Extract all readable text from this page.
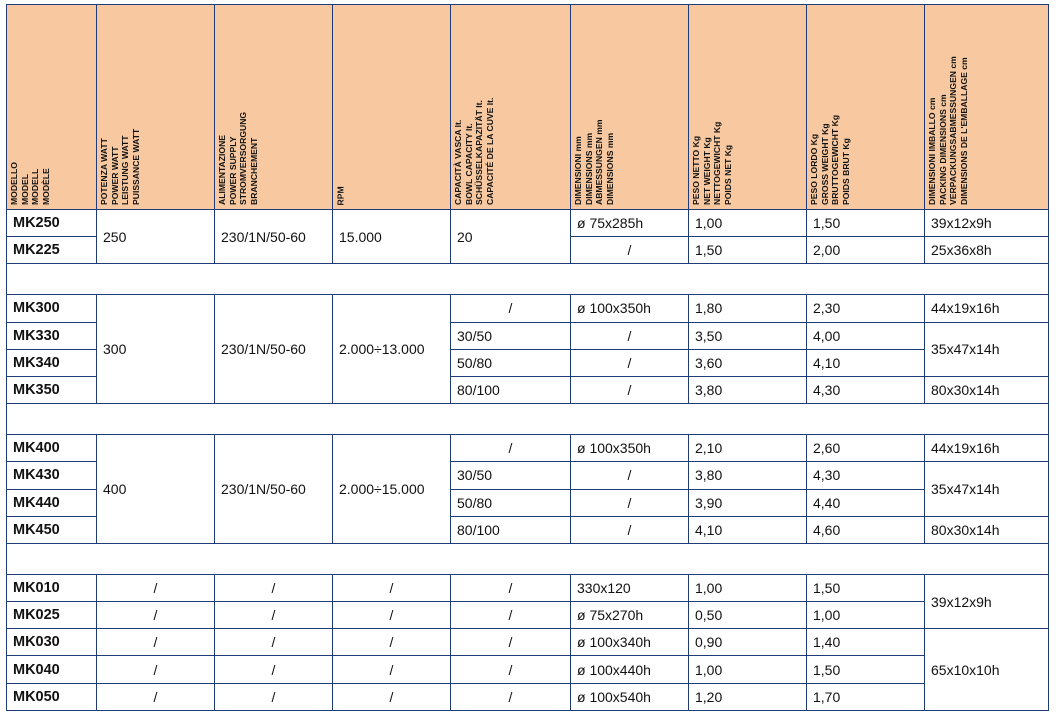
MODELLO MODEL MODELL MODÈLE	POTENZA WATT POWER WATT LEISTUNG WATT PUISSANCE WATT	ALIMENTAZIONE POWER SUPPLY STROMVERSORGUNG BRANCHEMENT	RPM	CAPACITÀ VASCA lt. BOWL CAPACITY lt. SCHÜSSELKAPAZITÄT lt. CAPACITÉ DE LA CUVE lt.	DIMENSIONI mm DIMENSIONS mm ABMESSUNGEN mm DIMENSIONS mm	PESO NETTO Kg NET WEIGHT Kg NETTOGEWICHT Kg POIDS NET Kg	PESO LORDO Kg GROSS WEIGHT Kg BRUTTOGEWICHT Kg POIDS BRUT Kg	DIMENSIONI IMBALLO cm PACKING DIMENSIONS cm VERPACKUNGSABMESSUNGEN cm DIMENSIONS DE L'EMBALLAGE cm

MK250	250	230/1N/50-60	15.000	20	ø 75x285h	1,00	1,50	39x12x9h
MK225					/	1,50	2,00	25x36x8h

MK300	300	230/1N/50-60	2.000÷13.000	/	ø 100x350h	1,80	2,30	44x19x16h
MK330				30/50	/	3,50	4,00	35x47x14h
MK340				50/80	/	3,60	4,10	
MK350				80/100	/	3,80	4,30	80x30x14h

MK400	400	230/1N/50-60	2.000÷15.000	/	ø 100x350h	2,10	2,60	44x19x16h
MK430				30/50	/	3,80	4,30	35x47x14h
MK440				50/80	/	3,90	4,40	
MK450				80/100	/	4,10	4,60	80x30x14h

MK010	/	/	/	/	330x120	1,00	1,50	39x12x9h
MK025	/	/	/	/	ø 75x270h	0,50	1,00	
MK030	/	/	/	/	ø 100x340h	0,90	1,40	65x10x10h
MK040	/	/	/	/	ø 100x440h	1,00	1,50	
MK050	/	/	/	/	ø 100x540h	1,20	1,70	
